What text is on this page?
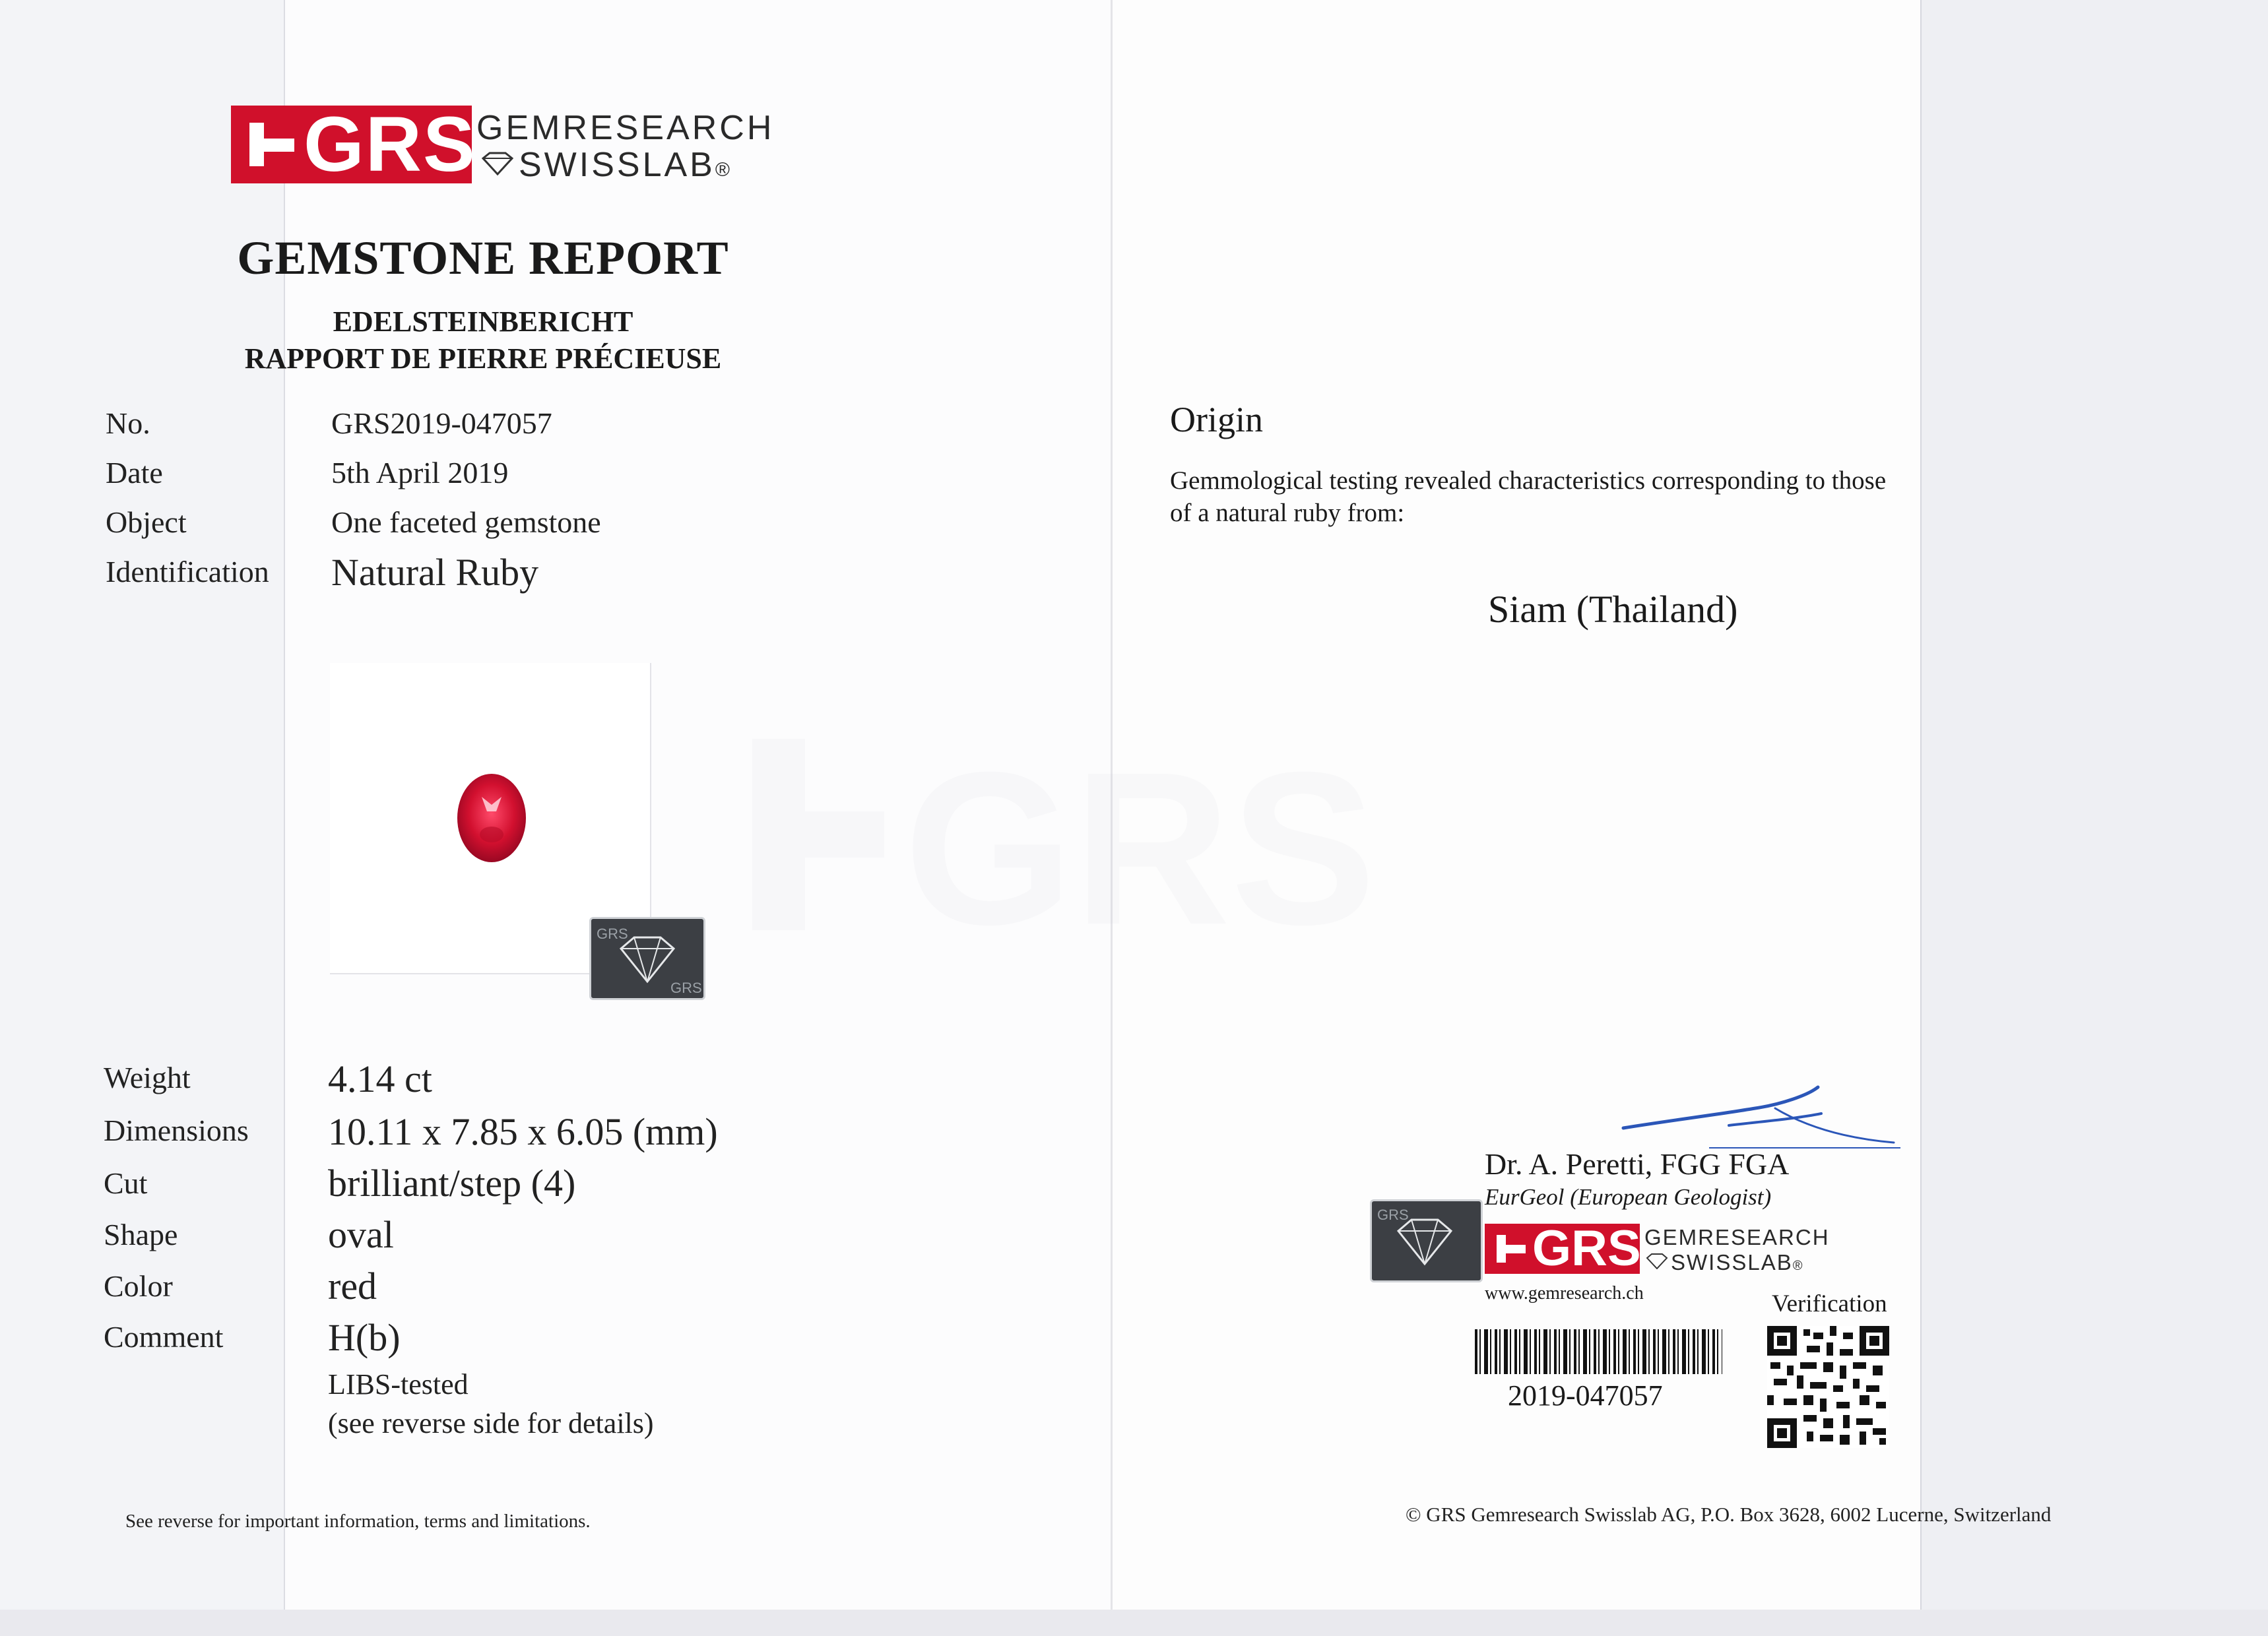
GRS
GRS GEMRESEARCH
SWISSLAB®
GEMSTONE REPORT
EDELSTEINBERICHT
RAPPORT DE PIERRE PRÉCIEUSE
No.	GRS2019-047057
Date	5th April 2019
Object	One faceted gemstone
Identification Natural Ruby
GRS
GRS
Weight	4.14 ct
Dimensions 10.11 x 7.85 x 6.05 (mm)
Cut	brilliant/step (4)
Shape	oval
Color	red
Comment	H(b)
LIBS-tested
(see reverse side for details)
See reverse for important information, terms and limitations.
Origin
Gemmological testing revealed characteristics corresponding to those
of a natural ruby from:
Siam (Thailand)
Dr. A. Peretti, FGG FGA
EurGeol (European Geologist)
GRS
GRS GEMRESEARCH
SWISSLAB®
www.gemresearch.ch	Verification
2019-047057
© GRS Gemresearch Swisslab AG, P.O. Box 3628, 6002 Lucerne, Switzerland
